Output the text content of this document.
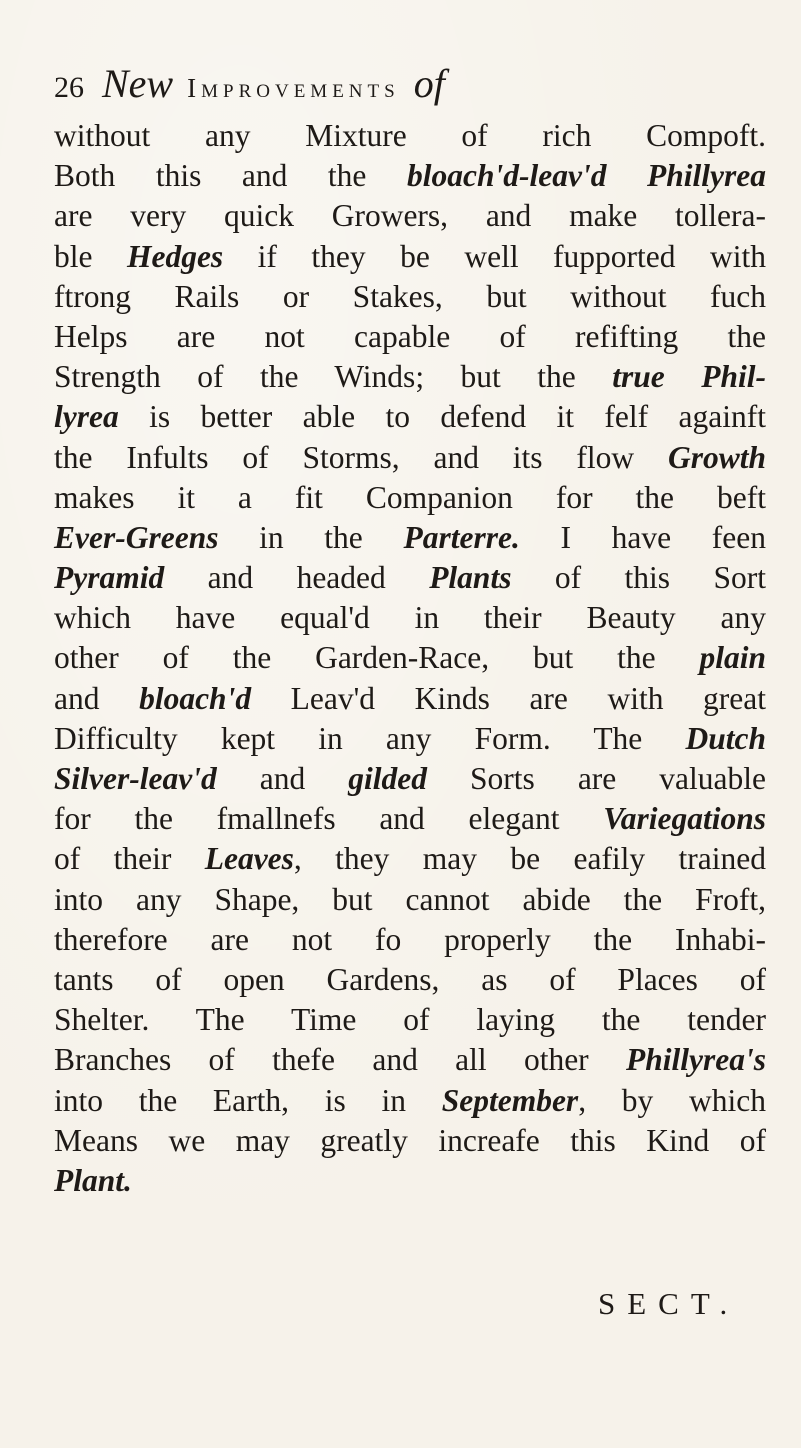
26 New Improvements of
without any Mixture of rich Compoft.
Both this and the bloach'd-leav'd Phillyrea
are very quick Growers, and make tollera-
ble Hedges if they be well fupported with
ftrong Rails or Stakes, but without fuch
Helps are not capable of refifting the
Strength of the Winds; but the true Phil-
lyrea is better able to defend it felf againft
the Infults of Storms, and its flow Growth
makes it a fit Companion for the beft
Ever-Greens in the Parterre. I have feen
Pyramid and headed Plants of this Sort
which have equal'd in their Beauty any
other of the Garden-Race, but the plain
and bloach'd Leav'd Kinds are with great
Difficulty kept in any Form. The Dutch
Silver-leav'd and gilded Sorts are valuable
for the fmallnefs and elegant Variegations
of their Leaves, they may be eafily trained
into any Shape, but cannot abide the Froft,
therefore are not fo properly the Inhabi-
tants of open Gardens, as of Places of
Shelter. The Time of laying the tender
Branches of thefe and all other Phillyrea's
into the Earth, is in September, by which
Means we may greatly increafe this Kind of
Plant.
SECT.
